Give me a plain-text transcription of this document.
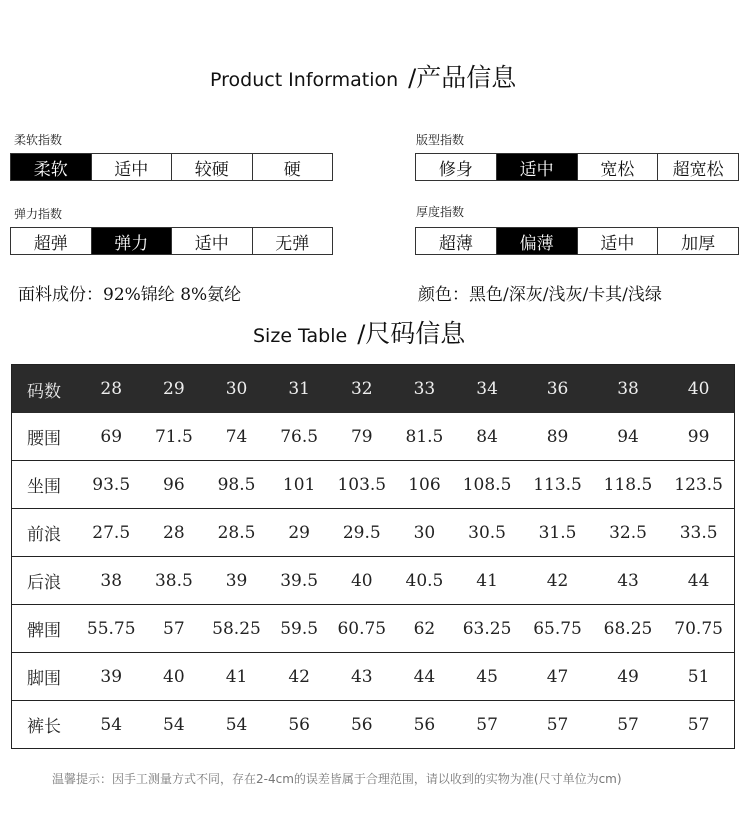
Product Information /产品信息
柔软指数
柔软	适中	较硬	硬
版型指数
修身	适中	宽松	超宽松
弹力指数
超弹	弹力	适中	无弹
厚度指数
超薄	偏薄	适中	加厚
面料成份：92%锦纶 8%氨纶	颜色：黑色/深灰/浅灰/卡其/浅绿
Size Table /尺码信息
码数	28	29	30	31	32	33	34	36	38	40
腰围	69	71.5	74	76.5	79	81.5	84	89	94	99
坐围	93.5	96	98.5	101	103.5	106	108.5	113.5	118.5	123.5
前浪	27.5	28	28.5	29	29.5	30	30.5	31.5	32.5	33.5
后浪	38	38.5	39	39.5	40	40.5	41	42	43	44
髀围	55.75	57	58.25	59.5	60.75	62	63.25	65.75	68.25	70.75
脚围	39	40	41	42	43	44	45	47	49	51
裤长	54	54	54	56	56	56	57	57	57	57
温馨提示：因手工测量方式不同，存在2-4cm的误差皆属于合理范围，请以收到的实物为准(尺寸单位为cm)
